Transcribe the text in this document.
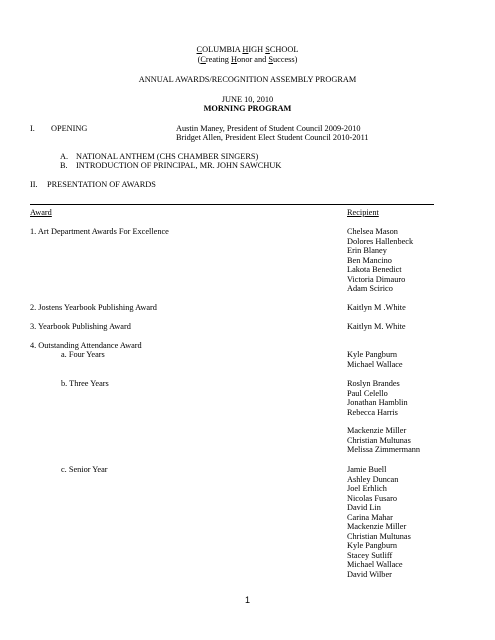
COLUMBIA HIGH SCHOOL
(Creating Honor and Success)
ANNUAL AWARDS/RECOGNITION ASSEMBLY PROGRAM
JUNE 10, 2010
MORNING PROGRAM
I. OPENING	Austin Maney, President of Student Council 2009-2010
Bridget Allen, President Elect Student Council 2010-2011
A. NATIONAL ANTHEM (CHS CHAMBER SINGERS)
B. INTRODUCTION OF PRINCIPAL, MR. JOHN SAWCHUK
II. PRESENTATION OF AWARDS
Award	Recipient
1. Art Department Awards For Excellence	Chelsea Mason
Dolores Hallenbeck
Erin Blaney
Ben Mancino
Lakota Benedict
Victoria Dimauro
Adam Scirico
2. Jostens Yearbook Publishing Award	Kaitlyn M .White
3. Yearbook Publishing Award	Kaitlyn M. White
4. Outstanding Attendance Award
a. Four Years	Kyle Pangburn
Michael Wallace
b. Three Years	Roslyn Brandes
Paul Celello
Jonathan Hamblin
Rebecca Harris
Mackenzie Miller
Christian Multunas
Melissa Zimmermann
c. Senior Year	Jamie Buell
Ashley Duncan
Joel Erhlich
Nicolas Fusaro
David Lin
Carina Mahar
Mackenzie Miller
Christian Multunas
Kyle Pangburn
Stacey Sutliff
Michael Wallace
David Wilber
1
